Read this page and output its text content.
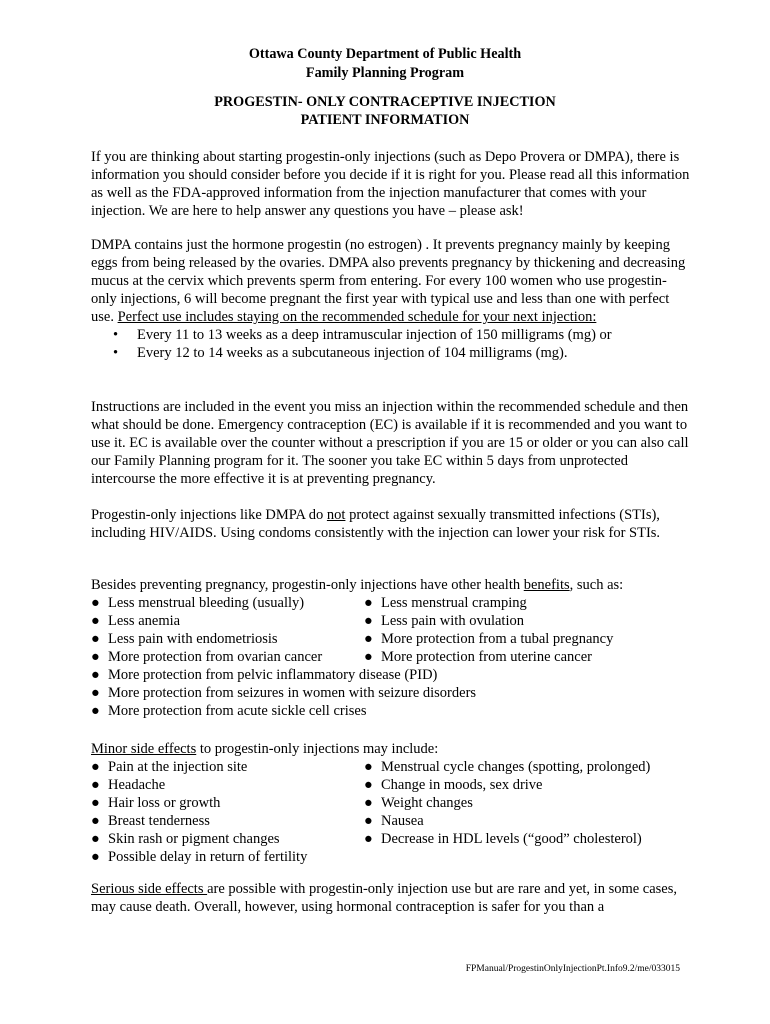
Ottawa County Department of Public Health
Family Planning Program
PROGESTIN- ONLY CONTRACEPTIVE INJECTION
PATIENT INFORMATION

If you are thinking about starting progestin-only injections (such as Depo Provera or DMPA), there is information you should consider before you decide if it is right for you. Please read all this information as well as the FDA-approved information from the injection manufacturer that comes with your injection. We are here to help answer any questions you have – please ask!

DMPA contains just the hormone progestin (no estrogen) . It prevents pregnancy mainly by keeping eggs from being released by the ovaries. DMPA also prevents pregnancy by thickening and decreasing mucus at the cervix which prevents sperm from entering. For every 100 women who use progestin-only injections, 6 will become pregnant the first year with typical use and less than one with perfect use. Perfect use includes staying on the recommended schedule for your next injection:

• Every 11 to 13 weeks as a deep intramuscular injection of 150 milligrams (mg) or
• Every 12 to 14 weeks as a subcutaneous injection of 104 milligrams (mg).

Instructions are included in the event you miss an injection within the recommended schedule and then what should be done. Emergency contraception (EC) is available if it is recommended and you want to use it. EC is available over the counter without a prescription if you are 15 or older or you can also call our Family Planning program for it. The sooner you take EC within 5 days from unprotected intercourse the more effective it is at preventing pregnancy.

Progestin-only injections like DMPA do not protect against sexually transmitted infections (STIs), including HIV/AIDS. Using condoms consistently with the injection can lower your risk for STIs.

Besides preventing pregnancy, progestin-only injections have other health benefits, such as:

● Less menstrual bleeding (usually)	● Less menstrual cramping
● Less anemia	● Less pain with ovulation
● Less pain with endometriosis	● More protection from a tubal pregnancy
● More protection from ovarian cancer	● More protection from uterine cancer
● More protection from pelvic inflammatory disease (PID)
● More protection from seizures in women with seizure disorders
● More protection from acute sickle cell crises

Minor side effects to progestin-only injections may include:

● Pain at the injection site	● Menstrual cycle changes (spotting, prolonged)
● Headache	● Change in moods, sex drive
● Hair loss or growth	● Weight changes
● Breast tenderness	● Nausea
● Skin rash or pigment changes	● Decrease in HDL levels (“good” cholesterol)
● Possible delay in return of fertility

Serious side effects are possible with progestin-only injection use but are rare and yet, in some cases, may cause death. Overall, however, using hormonal contraception is safer for you than a

FPManual/ProgestinOnlyInjectionPt.Info9.2/me/033015
